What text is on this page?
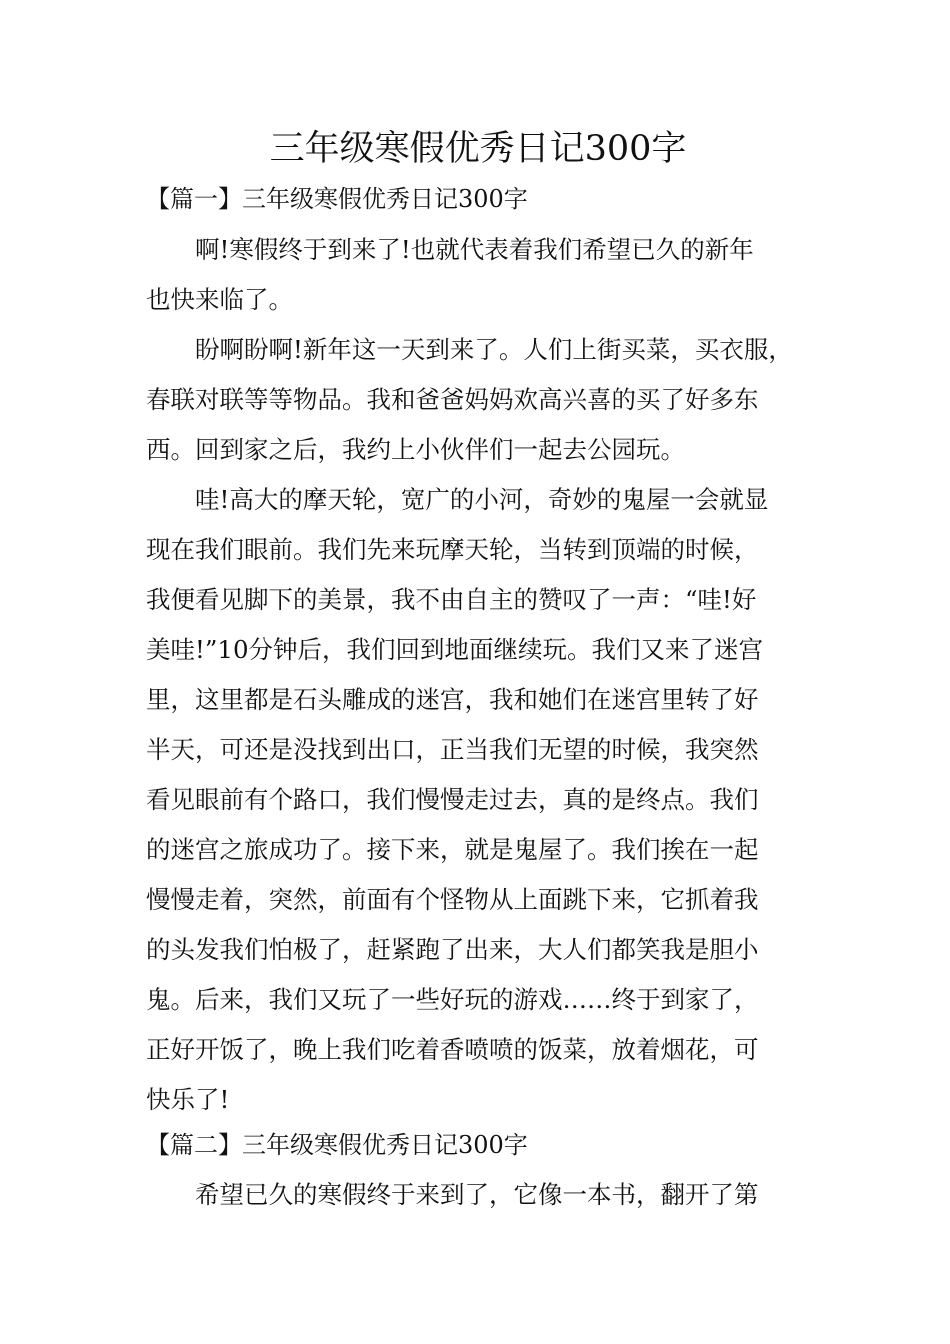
三年级寒假优秀日记300字
【篇一】三年级寒假优秀日记300字
啊!寒假终于到来了!也就代表着我们希望已久的新年
也快来临了。
盼啊盼啊!新年这一天到来了。人们上街买菜，买衣服，
春联对联等等物品。我和爸爸妈妈欢高兴喜的买了好多东
西。回到家之后，我约上小伙伴们一起去公园玩。
哇!高大的摩天轮，宽广的小河，奇妙的鬼屋一会就显
现在我们眼前。我们先来玩摩天轮，当转到顶端的时候，
我便看见脚下的美景，我不由自主的赞叹了一声：“哇!好
美哇!”10分钟后，我们回到地面继续玩。我们又来了迷宫
里，这里都是石头雕成的迷宫，我和她们在迷宫里转了好
半天，可还是没找到出口，正当我们无望的时候，我突然
看见眼前有个路口，我们慢慢走过去，真的是终点。我们
的迷宫之旅成功了。接下来，就是鬼屋了。我们挨在一起
慢慢走着，突然，前面有个怪物从上面跳下来，它抓着我
的头发我们怕极了，赶紧跑了出来，大人们都笑我是胆小
鬼。后来，我们又玩了一些好玩的游戏……终于到家了，
正好开饭了，晚上我们吃着香喷喷的饭菜，放着烟花，可
快乐了!
【篇二】三年级寒假优秀日记300字
希望已久的寒假终于来到了，它像一本书，翻开了第
